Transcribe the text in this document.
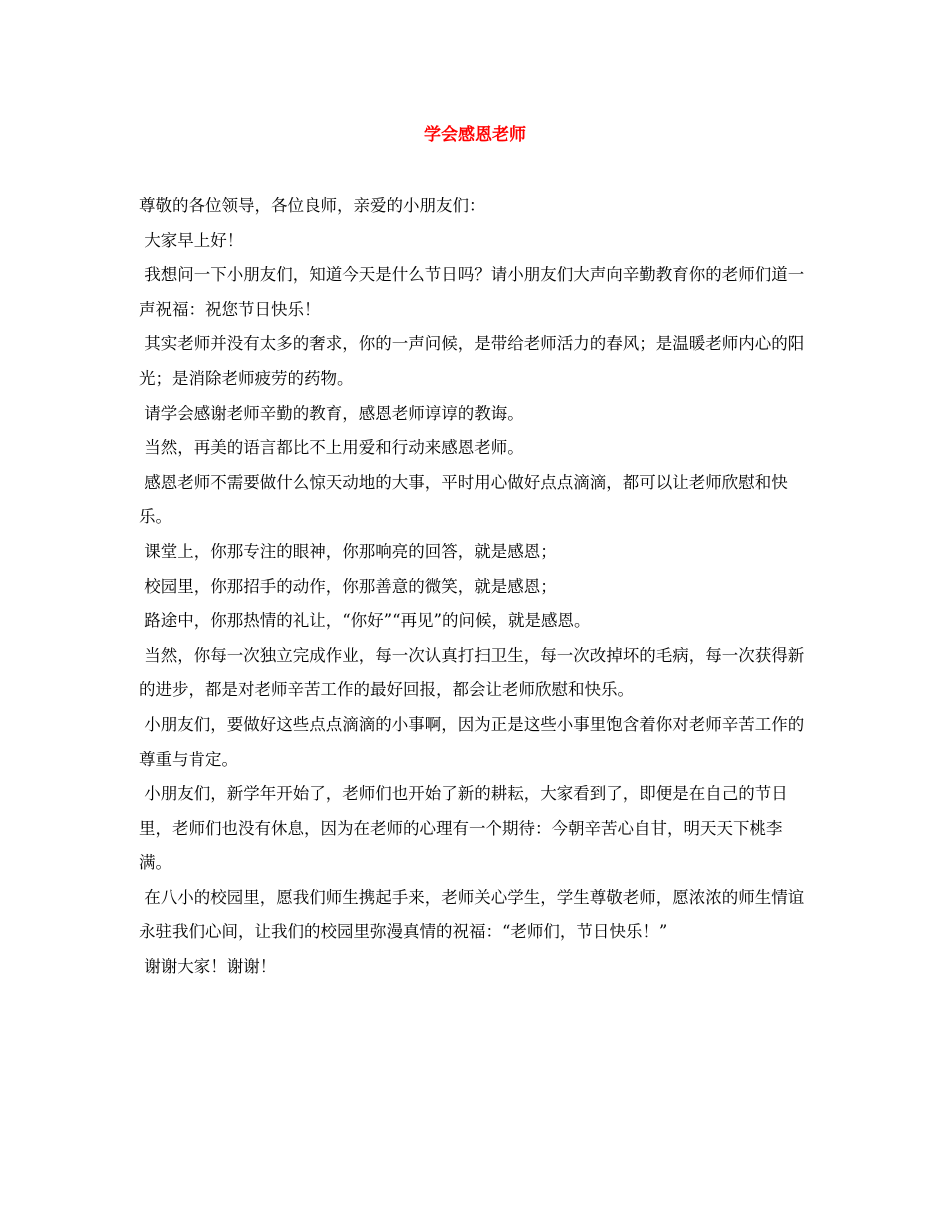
学会感恩老师

尊敬的各位领导，各位良师，亲爱的小朋友们：

大家早上好！

我想问一下小朋友们，知道今天是什么节日吗？请小朋友们大声向辛勤教育你的老师们道一声祝福：祝您节日快乐！

其实老师并没有太多的奢求，你的一声问候，是带给老师活力的春风；是温暖老师内心的阳光；是消除老师疲劳的药物。

请学会感谢老师辛勤的教育，感恩老师谆谆的教诲。

当然，再美的语言都比不上用爱和行动来感恩老师。

感恩老师不需要做什么惊天动地的大事，平时用心做好点点滴滴，都可以让老师欣慰和快乐。

课堂上，你那专注的眼神，你那响亮的回答，就是感恩；

校园里，你那招手的动作，你那善意的微笑，就是感恩；

路途中，你那热情的礼让，“你好”“再见”的问候，就是感恩。

当然，你每一次独立完成作业，每一次认真打扫卫生，每一次改掉坏的毛病，每一次获得新的进步，都是对老师辛苦工作的最好回报，都会让老师欣慰和快乐。

小朋友们，要做好这些点点滴滴的小事啊，因为正是这些小事里饱含着你对老师辛苦工作的尊重与肯定。

小朋友们，新学年开始了，老师们也开始了新的耕耘，大家看到了，即便是在自己的节日里，老师们也没有休息，因为在老师的心理有一个期待：今朝辛苦心自甘，明天天下桃李满。

在八小的校园里，愿我们师生携起手来，老师关心学生，学生尊敬老师，愿浓浓的师生情谊永驻我们心间，让我们的校园里弥漫真情的祝福：“老师们，节日快乐！”

谢谢大家！谢谢！
